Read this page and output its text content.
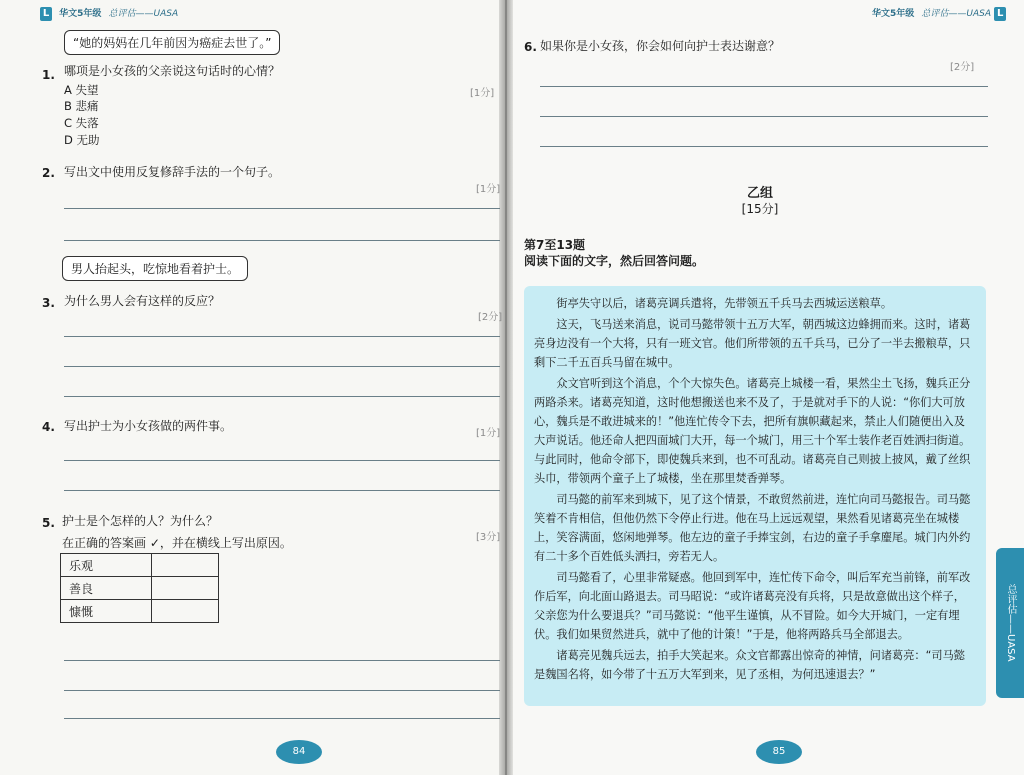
L 华文5年级 总评估——UASA
“她的妈妈在几年前因为癌症去世了。”
1. 哪项是小女孩的父亲说这句话时的心情？
[1分]
A 失望
B 悲痛
C 失落
D 无助
2. 写出文中使用反复修辞手法的一个句子。
[1分]
男人抬起头，吃惊地看着护士。
3. 为什么男人会有这样的反应？
[2分]
4. 写出护士为小女孩做的两件事。
[1分]
5. 护士是个怎样的人？为什么？
在正确的答案画 ✓，并在横线上写出原因。	[3分]
乐观	
善良	
慷慨	
84
华文5年级 总评估——UASA L
6. 如果你是小女孩，你会如何向护士表达谢意？
[2分]
乙组
[15分]
第7至13题
阅读下面的文字，然后回答问题。

街亭失守以后，诸葛亮调兵遣将，先带领五千兵马去西城运送粮草。

这天，飞马送来消息，说司马懿带领十五万大军，朝西城这边蜂拥而来。这时，诸葛亮身边没有一个大将，只有一班文官。他们所带领的五千兵马，已分了一半去搬粮草，只剩下二千五百兵马留在城中。

众文官听到这个消息，个个大惊失色。诸葛亮上城楼一看，果然尘土飞扬，魏兵正分两路杀来。诸葛亮知道，这时他想搬送也来不及了，于是就对手下的人说：“你们大可放心，魏兵是不敢进城来的！”他连忙传令下去，把所有旗帜藏起来，禁止人们随便出入及大声说话。他还命人把四面城门大开，每一个城门，用三十个军士装作老百姓洒扫街道。与此同时，他命令部下，即使魏兵来到，也不可乱动。诸葛亮自己则披上披风，戴了丝织头巾，带领两个童子上了城楼，坐在那里焚香弹琴。

司马懿的前军来到城下，见了这个情景，不敢贸然前进，连忙向司马懿报告。司马懿笑着不肯相信，但他仍然下令停止行进。他在马上远远观望，果然看见诸葛亮坐在城楼上，笑容满面，悠闲地弹琴。他左边的童子手捧宝剑，右边的童子手拿麈尾。城门内外约有二十多个百姓低头洒扫，旁若无人。

司马懿看了，心里非常疑惑。他回到军中，连忙传下命令，叫后军充当前锋，前军改作后军，向北面山路退去。司马昭说：“或许诸葛亮没有兵将，只是故意做出这个样子，父亲您为什么要退兵？”司马懿说：“他平生谨慎，从不冒险。如今大开城门，一定有埋伏。我们如果贸然进兵，就中了他的计策！”于是，他将两路兵马全部退去。

诸葛亮见魏兵远去，拍手大笑起来。众文官都露出惊奇的神情，问诸葛亮：“司马懿是魏国名将，如今带了十五万大军到来，见了丞相，为何迅速退去？”

总评估——UASA
85
